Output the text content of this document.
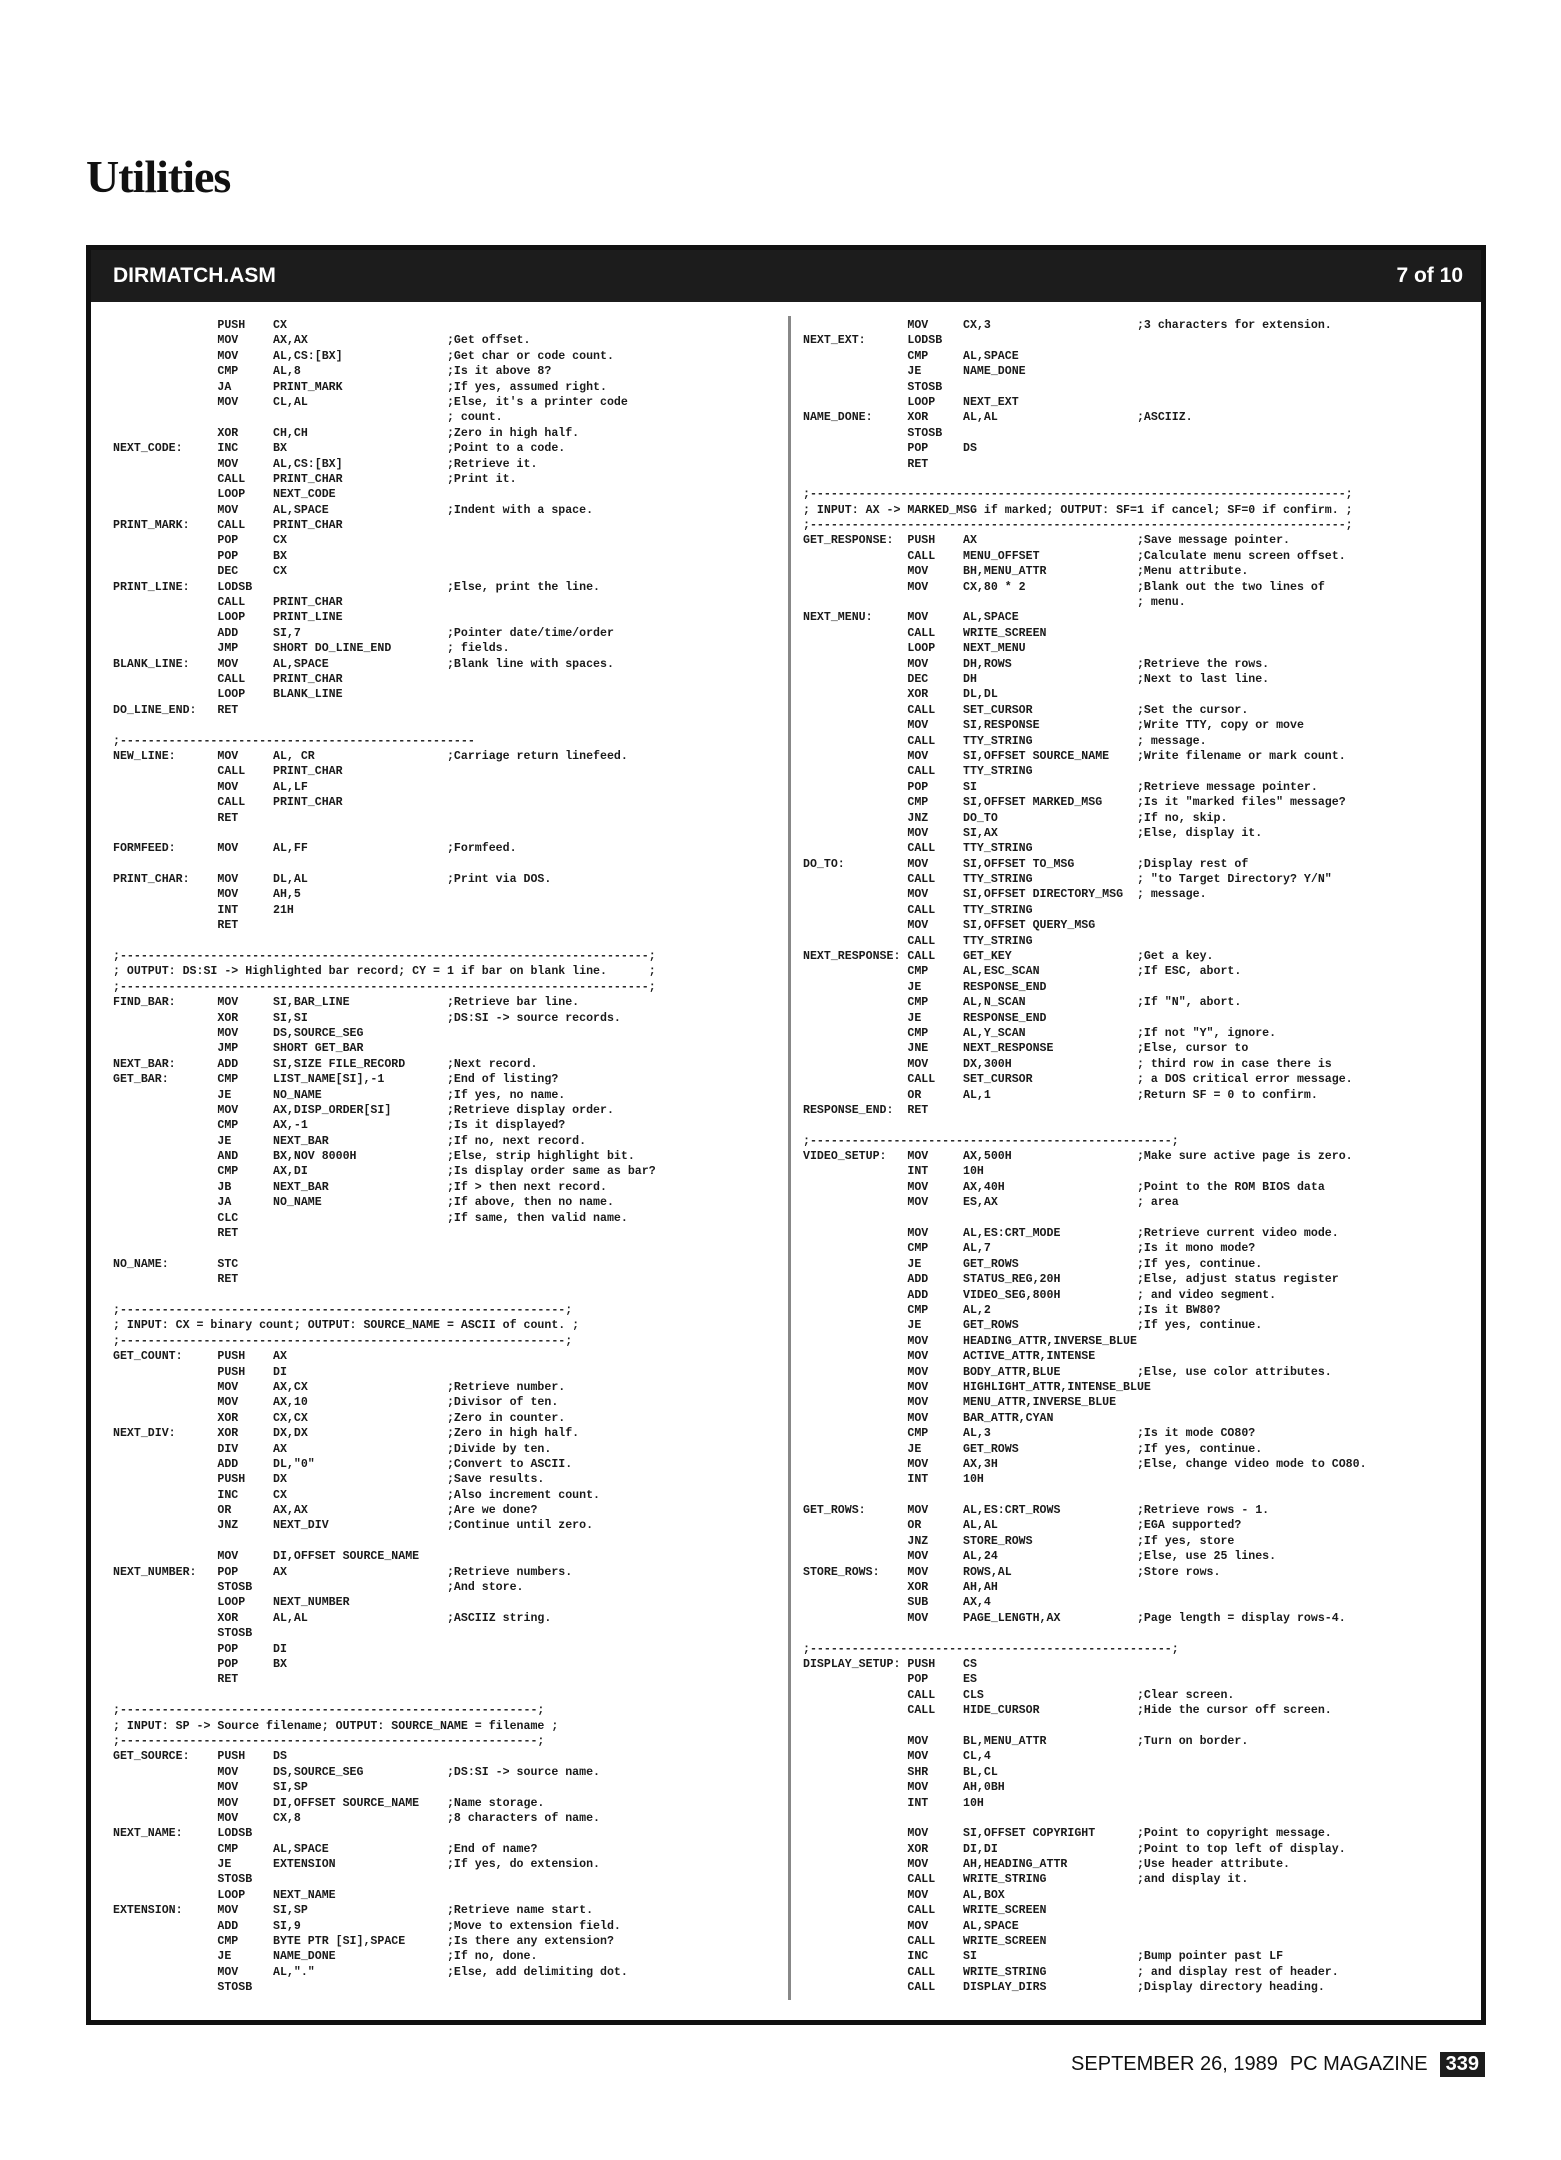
Utilities
DIRMATCH.ASM	7 of 10
PUSH    CX
MOV     AX,AX                    ;Get offset.
MOV     AL,CS:[BX]               ;Get char or code count.
CMP     AL,8                     ;Is it above 8?
JA      PRINT_MARK               ;If yes, assumed right.
MOV     CL,AL                    ;Else, it's a printer code
; count.
XOR     CH,CH                    ;Zero in high half.
NEXT_CODE:     INC     BX                       ;Point to a code.
MOV     AL,CS:[BX]               ;Retrieve it.
CALL    PRINT_CHAR               ;Print it.
LOOP    NEXT_CODE
MOV     AL,SPACE                 ;Indent with a space.
PRINT_MARK:    CALL    PRINT_CHAR
POP     CX
POP     BX
DEC     CX
PRINT_LINE:    LODSB                            ;Else, print the line.
CALL    PRINT_CHAR
LOOP    PRINT_LINE
ADD     SI,7                     ;Pointer date/time/order
JMP     SHORT DO_LINE_END        ; fields.
BLANK_LINE:    MOV     AL,SPACE                 ;Blank line with spaces.
CALL    PRINT_CHAR
LOOP    BLANK_LINE
DO_LINE_END:   RET
;---------------------------------------------------
NEW_LINE:      MOV     AL, CR                   ;Carriage return linefeed.
CALL    PRINT_CHAR
MOV     AL,LF
CALL    PRINT_CHAR
RET
FORMFEED:      MOV     AL,FF                    ;Formfeed.
PRINT_CHAR:    MOV     DL,AL                    ;Print via DOS.
MOV     AH,5
INT     21H
RET
;----------------------------------------------------------------------------;
; OUTPUT: DS:SI -> Highlighted bar record; CY = 1 if bar on blank line.      ;
;----------------------------------------------------------------------------;
FIND_BAR:      MOV     SI,BAR_LINE              ;Retrieve bar line.
XOR     SI,SI                    ;DS:SI -> source records.
MOV     DS,SOURCE_SEG
JMP     SHORT GET_BAR
NEXT_BAR:      ADD     SI,SIZE FILE_RECORD      ;Next record.
GET_BAR:       CMP     LIST_NAME[SI],-1         ;End of listing?
JE      NO_NAME                  ;If yes, no name.
MOV     AX,DISP_ORDER[SI]        ;Retrieve display order.
CMP     AX,-1                    ;Is it displayed?
JE      NEXT_BAR                 ;If no, next record.
AND     BX,NOV 8000H             ;Else, strip highlight bit.
CMP     AX,DI                    ;Is display order same as bar?
JB      NEXT_BAR                 ;If > then next record.
JA      NO_NAME                  ;If above, then no name.
CLC                              ;If same, then valid name.
RET
NO_NAME:       STC
RET
;----------------------------------------------------------------;
; INPUT: CX = binary count; OUTPUT: SOURCE_NAME = ASCII of count. ;
;----------------------------------------------------------------;
GET_COUNT:     PUSH    AX
PUSH    DI
MOV     AX,CX                    ;Retrieve number.
MOV     AX,10                    ;Divisor of ten.
XOR     CX,CX                    ;Zero in counter.
NEXT_DIV:      XOR     DX,DX                    ;Zero in high half.
DIV     AX                       ;Divide by ten.
ADD     DL,"0"                   ;Convert to ASCII.
PUSH    DX                       ;Save results.
INC     CX                       ;Also increment count.
OR      AX,AX                    ;Are we done?
JNZ     NEXT_DIV                 ;Continue until zero.
MOV     DI,OFFSET SOURCE_NAME
NEXT_NUMBER:   POP     AX                       ;Retrieve numbers.
STOSB                            ;And store.
LOOP    NEXT_NUMBER
XOR     AL,AL                    ;ASCIIZ string.
STOSB
POP     DI
POP     BX
RET
;------------------------------------------------------------;
; INPUT: SP -> Source filename; OUTPUT: SOURCE_NAME = filename ;
;------------------------------------------------------------;
GET_SOURCE:    PUSH    DS
MOV     DS,SOURCE_SEG            ;DS:SI -> source name.
MOV     SI,SP
MOV     DI,OFFSET SOURCE_NAME    ;Name storage.
MOV     CX,8                     ;8 characters of name.
NEXT_NAME:     LODSB
CMP     AL,SPACE                 ;End of name?
JE      EXTENSION                ;If yes, do extension.
STOSB
LOOP    NEXT_NAME
EXTENSION:     MOV     SI,SP                    ;Retrieve name start.
ADD     SI,9                     ;Move to extension field.
CMP     BYTE PTR [SI],SPACE      ;Is there any extension?
JE      NAME_DONE                ;If no, done.
MOV     AL,"."                   ;Else, add delimiting dot.
STOSB
MOV     CX,3                     ;3 characters for extension.
NEXT_EXT:      LODSB
CMP     AL,SPACE
JE      NAME_DONE
STOSB
LOOP    NEXT_EXT
NAME_DONE:     XOR     AL,AL                    ;ASCIIZ.
STOSB
POP     DS
RET
;-----------------------------------------------------------------------------;
; INPUT: AX -> MARKED_MSG if marked; OUTPUT: SF=1 if cancel; SF=0 if confirm. ;
;-----------------------------------------------------------------------------;
GET_RESPONSE:  PUSH    AX                       ;Save message pointer.
CALL    MENU_OFFSET              ;Calculate menu screen offset.
MOV     BH,MENU_ATTR             ;Menu attribute.
MOV     CX,80 * 2                ;Blank out the two lines of
; menu.
NEXT_MENU:     MOV     AL,SPACE
CALL    WRITE_SCREEN
LOOP    NEXT_MENU
MOV     DH,ROWS                  ;Retrieve the rows.
DEC     DH                       ;Next to last line.
XOR     DL,DL
CALL    SET_CURSOR               ;Set the cursor.
MOV     SI,RESPONSE              ;Write TTY, copy or move
CALL    TTY_STRING               ; message.
MOV     SI,OFFSET SOURCE_NAME    ;Write filename or mark count.
CALL    TTY_STRING
POP     SI                       ;Retrieve message pointer.
CMP     SI,OFFSET MARKED_MSG     ;Is it "marked files" message?
JNZ     DO_TO                    ;If no, skip.
MOV     SI,AX                    ;Else, display it.
CALL    TTY_STRING
DO_TO:         MOV     SI,OFFSET TO_MSG         ;Display rest of
CALL    TTY_STRING               ; "to Target Directory? Y/N"
MOV     SI,OFFSET DIRECTORY_MSG  ; message.
CALL    TTY_STRING
MOV     SI,OFFSET QUERY_MSG
CALL    TTY_STRING
NEXT_RESPONSE: CALL    GET_KEY                  ;Get a key.
CMP     AL,ESC_SCAN              ;If ESC, abort.
JE      RESPONSE_END
CMP     AL,N_SCAN                ;If "N", abort.
JE      RESPONSE_END
CMP     AL,Y_SCAN                ;If not "Y", ignore.
JNE     NEXT_RESPONSE            ;Else, cursor to
MOV     DX,300H                  ; third row in case there is
CALL    SET_CURSOR               ; a DOS critical error message.
OR      AL,1                     ;Return SF = 0 to confirm.
RESPONSE_END:  RET
;----------------------------------------------------;
VIDEO_SETUP:   MOV     AX,500H                  ;Make sure active page is zero.
INT     10H
MOV     AX,40H                   ;Point to the ROM BIOS data
MOV     ES,AX                    ; area
MOV     AL,ES:CRT_MODE           ;Retrieve current video mode.
CMP     AL,7                     ;Is it mono mode?
JE      GET_ROWS                 ;If yes, continue.
ADD     STATUS_REG,20H           ;Else, adjust status register
ADD     VIDEO_SEG,800H           ; and video segment.
CMP     AL,2                     ;Is it BW80?
JE      GET_ROWS                 ;If yes, continue.
MOV     HEADING_ATTR,INVERSE_BLUE
MOV     ACTIVE_ATTR,INTENSE
MOV     BODY_ATTR,BLUE           ;Else, use color attributes.
MOV     HIGHLIGHT_ATTR,INTENSE_BLUE
MOV     MENU_ATTR,INVERSE_BLUE
MOV     BAR_ATTR,CYAN
CMP     AL,3                     ;Is it mode CO80?
JE      GET_ROWS                 ;If yes, continue.
MOV     AX,3H                    ;Else, change video mode to CO80.
INT     10H
GET_ROWS:      MOV     AL,ES:CRT_ROWS           ;Retrieve rows - 1.
OR      AL,AL                    ;EGA supported?
JNZ     STORE_ROWS               ;If yes, store
MOV     AL,24                    ;Else, use 25 lines.
STORE_ROWS:    MOV     ROWS,AL                  ;Store rows.
XOR     AH,AH
SUB     AX,4
MOV     PAGE_LENGTH,AX           ;Page length = display rows-4.
;----------------------------------------------------;
DISPLAY_SETUP: PUSH    CS
POP     ES
CALL    CLS                      ;Clear screen.
CALL    HIDE_CURSOR              ;Hide the cursor off screen.
MOV     BL,MENU_ATTR             ;Turn on border.
MOV     CL,4
SHR     BL,CL
MOV     AH,0BH
INT     10H
MOV     SI,OFFSET COPYRIGHT      ;Point to copyright message.
XOR     DI,DI                    ;Point to top left of display.
MOV     AH,HEADING_ATTR          ;Use header attribute.
CALL    WRITE_STRING             ;and display it.
MOV     AL,BOX
CALL    WRITE_SCREEN
MOV     AL,SPACE
CALL    WRITE_SCREEN
INC     SI                       ;Bump pointer past LF
CALL    WRITE_STRING             ; and display rest of header.
CALL    DISPLAY_DIRS             ;Display directory heading.
SEPTEMBER 26, 1989 PC MAGAZINE 339
